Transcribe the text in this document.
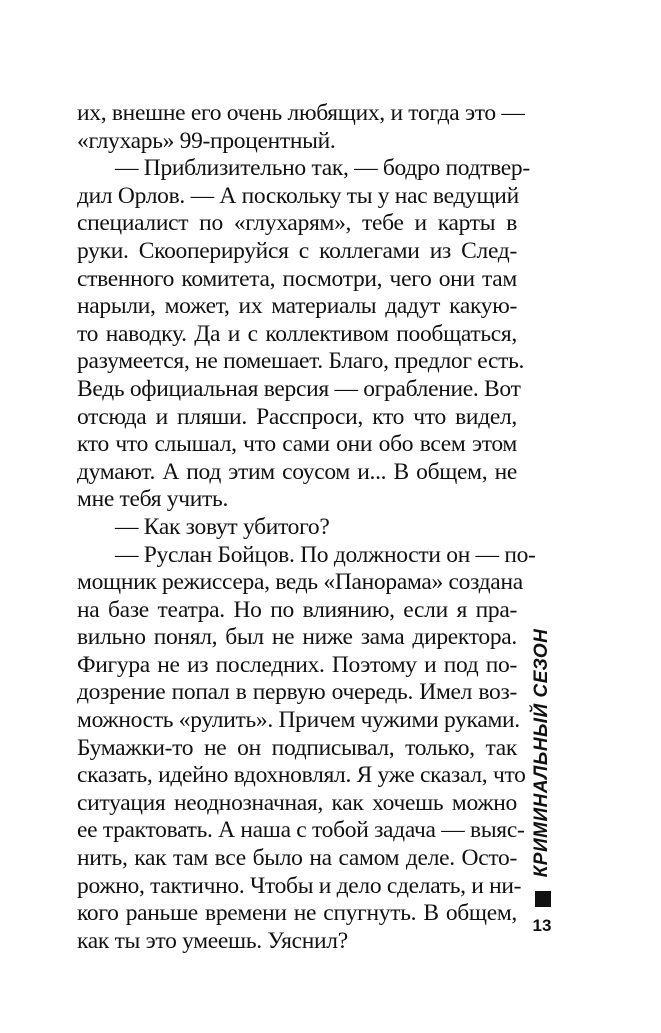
их, внешне его очень любящих, и тогда это —
«глухарь» 99-процентный.
— Приблизительно так, — бодро подтвер-
дил Орлов. — А поскольку ты у нас ведущий
специалист по «глухарям», тебе и карты в
руки. Скооперируйся с коллегами из След-
ственного комитета, посмотри, чего они там
нарыли, может, их материалы дадут какую-
то наводку. Да и с коллективом пообщаться,
разумеется, не помешает. Благо, предлог есть.
Ведь официальная версия — ограбление. Вот
отсюда и пляши. Расспроси, кто что видел,
кто что слышал, что сами они обо всем этом
думают. А под этим соусом и... В общем, не
мне тебя учить.
— Как зовут убитого?
— Руслан Бойцов. По должности он — по-
мощник режиссера, ведь «Панорама» создана
на базе театра. Но по влиянию, если я пра-
вильно понял, был не ниже зама директора.
Фигура не из последних. Поэтому и под по-
дозрение попал в первую очередь. Имел воз-
можность «рулить». Причем чужими руками.
Бумажки-то не он подписывал, только, так
сказать, идейно вдохновлял. Я уже сказал, что
ситуация неоднозначная, как хочешь можно
ее трактовать. А наша с тобой задача — выяс-
нить, как там все было на самом деле. Осто-
рожно, тактично. Чтобы и дело сделать, и ни-
кого раньше времени не спугнуть. В общем,
как ты это умеешь. Уяснил?
КРИМИНАЛЬНЫЙ СЕЗОН
13
